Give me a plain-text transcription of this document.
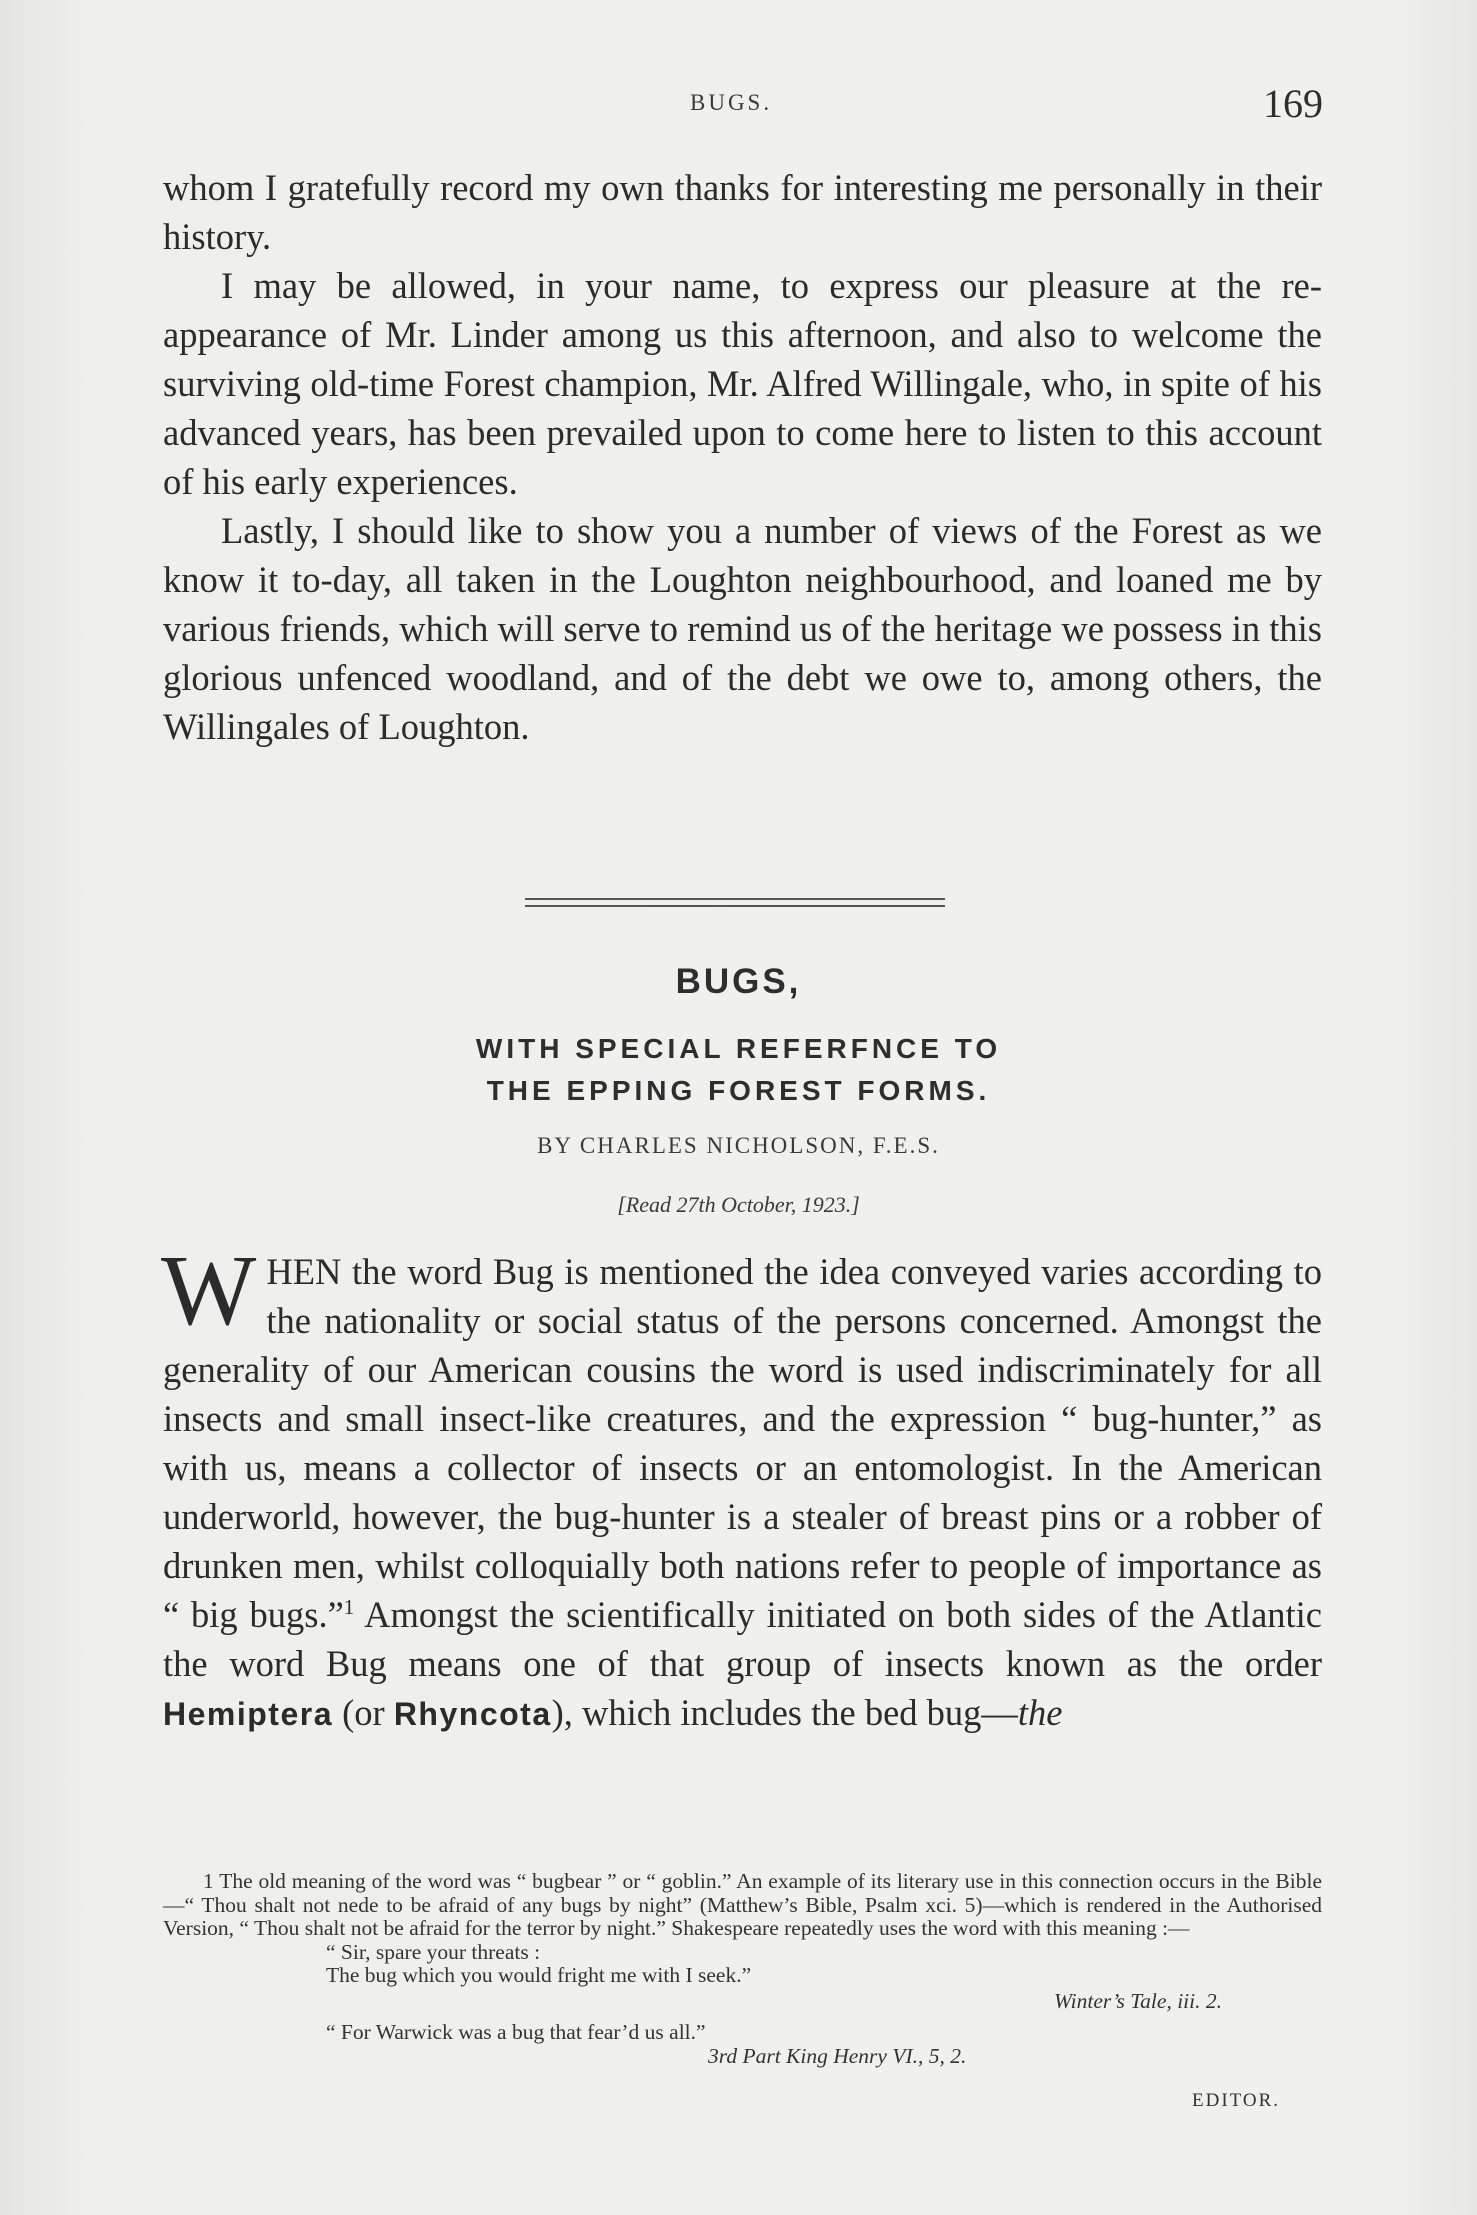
BUGS.	169

whom I gratefully record my own thanks for interesting me personally in their history.

I may be allowed, in your name, to express our pleasure at the re-appearance of Mr. Linder among us this afternoon, and also to welcome the surviving old-time Forest champion, Mr. Alfred Willingale, who, in spite of his advanced years, has been prevailed upon to come here to listen to this account of his early experiences.

Lastly, I should like to show you a number of views of the Forest as we know it to-day, all taken in the Loughton neighbourhood, and loaned me by various friends, which will serve to remind us of the heritage we possess in this glorious unfenced woodland, and of the debt we owe to, among others, the Willingales of Loughton.

BUGS,
WITH SPECIAL REFERFNCE TO
THE EPPING FOREST FORMS.
BY CHARLES NICHOLSON, F.E.S.
[Read 27th October, 1923.]

WHEN the word Bug is mentioned the idea conveyed varies according to the nationality or social status of the persons concerned. Amongst the generality of our American cousins the word is used indiscriminately for all insects and small insect-like creatures, and the expression “ bug-hunter,” as with us, means a collector of insects or an entomologist. In the American underworld, however, the bug-hunter is a stealer of breast pins or a robber of drunken men, whilst colloquially both nations refer to people of importance as “ big bugs.”$^1$ Amongst the scientifically initiated on both sides of the Atlantic the word Bug means one of that group of insects known as the order Hemiptera (or Rhyncota), which includes the bed bug—the

1 The old meaning of the word was “ bugbear ” or “ goblin.” An example of its literary use in this connection occurs in the Bible—“ Thou shalt not nede to be afraid of any bugs by night” (Matthew’s Bible, Psalm xci. 5)—which is rendered in the Authorised Version, “ Thou shalt not be afraid for the terror by night.” Shakespeare repeatedly uses the word with this meaning :—

“ Sir, spare your threats :

The bug which you would fright me with I seek.”

Winter’s Tale, iii. 2.

“ For Warwick was a bug that fear’d us all.”

3rd Part King Henry VI., 5, 2.

EDITOR.
